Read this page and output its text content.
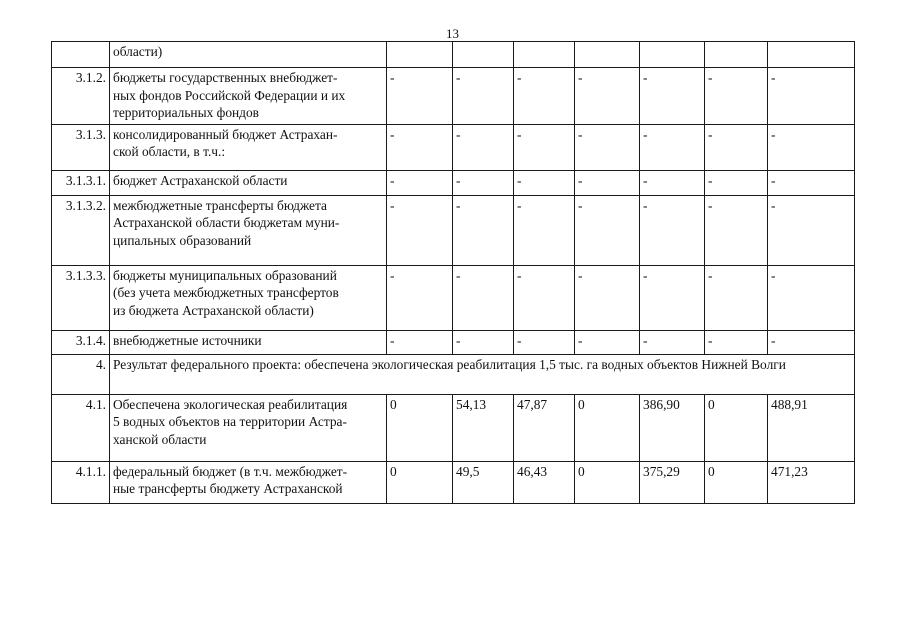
13
	области)							
3.1.2.	бюджеты государственных внебюджет-
ных фондов Российской Федерации и их
территориальных фондов	-	-	-	-	-	-	-
3.1.3.	консолидированный бюджет Астрахан-
ской области, в т.ч.:	-	-	-	-	-	-	-
3.1.3.1.	бюджет Астраханской области	-	-	-	-	-	-	-
3.1.3.2.	межбюджетные трансферты бюджета
Астраханской области бюджетам муни-
ципальных образований	-	-	-	-	-	-	-
3.1.3.3.	бюджеты муниципальных образований
(без учета межбюджетных трансфертов
из бюджета Астраханской области)	-	-	-	-	-	-	-
3.1.4.	внебюджетные источники	-	-	-	-	-	-	-
4.	Результат федерального проекта: обеспечена экологическая реабилитация 1,5 тыс. га водных объектов Нижней Волги							
4.1.	Обеспечена экологическая реабилитация
5 водных объектов на территории Астра-
ханской области	0	54,13	47,87	0	386,90	0	488,91
4.1.1.	федеральный бюджет (в т.ч. межбюджет-
ные трансферты бюджету Астраханской	0	49,5	46,43	0	375,29	0	471,23
